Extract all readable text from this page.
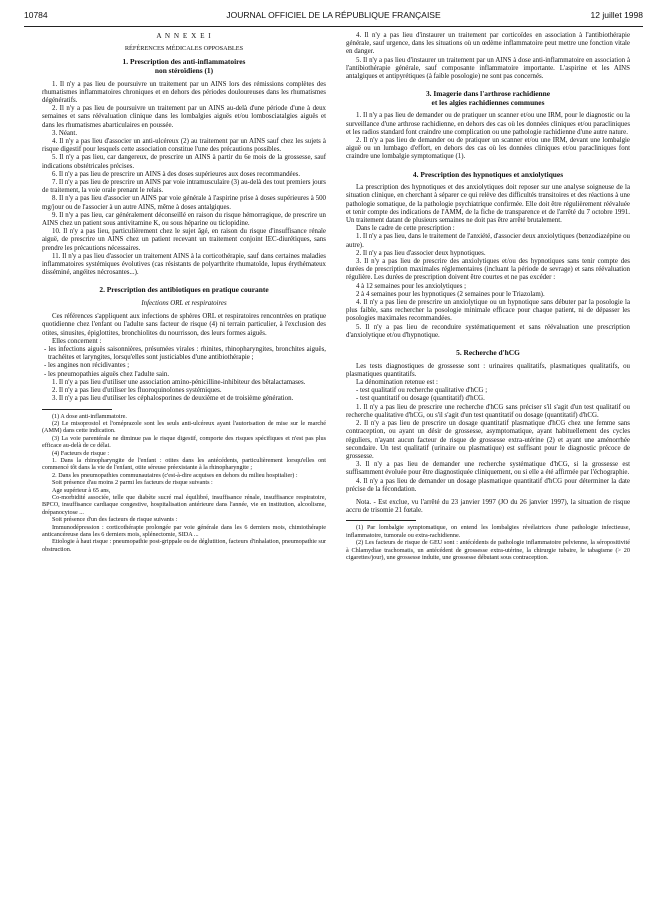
10784	JOURNAL OFFICIEL DE LA RÉPUBLIQUE FRANÇAISE	12 juillet 1998

A N N E X E I

RÉFÉRENCES MÉDICALES OPPOSABLES

1. Prescription des anti-inflammatoires

non stéroïdiens (1)

1. Il n'y a pas lieu de poursuivre un traitement par un AINS lors des rémissions complètes des rhumatismes inflammatoires chroniques et en dehors des périodes douloureuses dans les rhumatismes dégénératifs.

2. Il n'y a pas lieu de poursuivre un traitement par un AINS au-delà d'une période d'une à deux semaines et sans réévaluation clinique dans les lombalgies aiguës et/ou lombosciatalgies aiguës et dans les rhumatismes abarticulaires en poussée.

3. Néant.

4. Il n'y a pas lieu d'associer un anti-ulcéreux (2) au traitement par un AINS sauf chez les sujets à risque digestif pour lesquels cette association constitue l'une des précautions possibles.

5. Il n'y a pas lieu, car dangereux, de prescrire un AINS à partir du 6e mois de la grossesse, sauf indications obstétricales précises.

6. Il n'y a pas lieu de prescrire un AINS à des doses supérieures aux doses recommandées.

7. Il n'y a pas lieu de prescrire un AINS par voie intramusculaire (3) au-delà des tout premiers jours de traitement, la voie orale prenant le relais.

8. Il n'y a pas lieu d'associer un AINS par voie générale à l'aspirine prise à doses supérieures à 500 mg/jour ou de l'associer à un autre AINS, même à doses antalgiques.

9. Il n'y a pas lieu, car généralement déconseillé en raison du risque hémorragique, de prescrire un AINS chez un patient sous antivitamine K, ou sous héparine ou ticlopidine.

10. Il n'y a pas lieu, particulièrement chez le sujet âgé, en raison du risque d'insuffisance rénale aiguë, de prescrire un AINS chez un patient recevant un traitement conjoint IEC-diurétiques, sans prendre les précautions nécessaires.

11. Il n'y a pas lieu d'associer un traitement AINS à la corticothérapie, sauf dans certaines maladies inflammatoires systémiques évolutives (cas résistants de polyarthrite rhumatoïde, lupus érythémateux disséminé, angéites nécrosantes...).

2. Prescription des antibiotiques en pratique courante

Infections ORL et respiratoires

Ces références s'appliquent aux infections de sphères ORL et respiratoires rencontrées en pratique quotidienne chez l'enfant ou l'adulte sans facteur de risque (4) ni terrain particulier, à l'exclusion des otites, sinusites, épiglottites, bronchiolites du nourrisson, des leurs formes aiguës.

Elles concernent :

- les infections aiguës saisonnières, présumées virales : rhinites, rhinopharyngites, bronchites aiguës, trachéites et laryngites, lorsqu'elles sont justiciables d'une antibiothérapie ;

- les angines non récidivantes ;

- les pneumopathies aiguës chez l'adulte sain.

1. Il n'y a pas lieu d'utiliser une association amino-pénicilline-inhibiteur des bêtalactamases.

2. Il n'y a pas lieu d'utiliser les fluoroquinolones systémiques.

3. Il n'y a pas lieu d'utiliser les céphalosporines de deuxième et de troisième génération.

(1) A dose anti-inflammatoire.

(2) Le misoprostol et l'oméprazole sont les seuls anti-ulcéreux ayant l'autorisation de mise sur le marché (AMM) dans cette indication.

(3) La voie parentérale ne diminue pas le risque digestif, comporte des risques spécifiques et n'est pas plus efficace au-delà de ce délai.

(4) Facteurs de risque :

1. Dans la rhinopharyngite de l'enfant : otites dans les antécédents, particulièrement lorsqu'elles ont commencé tôt dans la vie de l'enfant, otite séreuse préexistante à la rhinopharyngite ;

2. Dans les pneumopathies communautaires (c'est-à-dire acquises en dehors du milieu hospitalier) :

Soit présence d'au moins 2 parmi les facteurs de risque suivants :

Age supérieur à 65 ans,

Co-morbidité associée, telle que diabète sucré mal équilibré, insuffisance rénale, insuffisance respiratoire, BPCO, insuffisance cardiaque congestive, hospitalisation antérieure dans l'année, vie en institution, alcoolisme, drépanocytose ...

Soit présence d'un des facteurs de risque suivants :

Immunodépression : corticothérapie prolongée par voie générale dans les 6 derniers mois, chimiothérapie anticancéreuse dans les 6 derniers mois, splénectomie, SIDA ...

Etiologie à haut risque : pneumopathie post-grippale ou de déglutition, facteurs d'inhalation, pneumopathie sur obstruction.

4. Il n'y a pas lieu d'instaurer un traitement par corticoïdes en association à l'antibiothérapie générale, sauf urgence, dans les situations où un œdème inflammatoire peut mettre une fonction vitale en danger.

5. Il n'y a pas lieu d'instaurer un traitement par un AINS à dose anti-inflammatoire en association à l'antibiothérapie générale, sauf composante inflammatoire importante. L'aspirine et les AINS antalgiques et antipyrétiques (à faible posologie) ne sont pas concernés.

3. Imagerie dans l'arthrose rachidienne

et les algies rachidiennes communes

1. Il n'y a pas lieu de demander ou de pratiquer un scanner et/ou une IRM, pour le diagnostic ou la surveillance d'une arthrose rachidienne, en dehors des cas où les données cliniques et/ou paracliniques et les radios standard font craindre une complication ou une pathologie rachidienne d'une autre nature.

2. Il n'y a pas lieu de demander ou de pratiquer un scanner et/ou une IRM, devant une lombalgie aiguë ou un lumbago d'effort, en dehors des cas où les données cliniques et/ou paracliniques font craindre une lombalgie symptomatique (1).

4. Prescription des hypnotiques et anxiolytiques

La prescription des hypnotiques et des anxiolytiques doit reposer sur une analyse soigneuse de la situation clinique, en cherchant à séparer ce qui relève des difficultés transitoires et des réactions à une pathologie somatique, de la pathologie psychiatrique confirmée. Elle doit être régulièrement réévaluée et tenir compte des indications de l'AMM, de la fiche de transparence et de l'arrêté du 7 octobre 1991. Un traitement datant de plusieurs semaines ne doit pas être arrêté brutalement.

Dans le cadre de cette prescription :

1. Il n'y a pas lieu, dans le traitement de l'anxiété, d'associer deux anxiolytiques (benzodiazépine ou autre).

2. Il n'y a pas lieu d'associer deux hypnotiques.

3. Il n'y a pas lieu de prescrire des anxiolytiques et/ou des hypnotiques sans tenir compte des durées de prescription maximales réglementaires (incluant la période de sevrage) et sans réévaluation régulière. Les durées de prescription doivent être courtes et ne pas excéder :

4 à 12 semaines pour les anxiolytiques ;

2 à 4 semaines pour les hypnotiques (2 semaines pour le Triazolam).

4. Il n'y a pas lieu de prescrire un anxiolytique ou un hypnotique sans débuter par la posologie la plus faible, sans rechercher la posologie minimale efficace pour chaque patient, ni de dépasser les posologies maximales recommandées.

5. Il n'y a pas lieu de reconduire systématiquement et sans réévaluation une prescription d'anxiolytique et/ou d'hypnotique.

5. Recherche d'hCG

Les tests diagnostiques de grossesse sont : urinaires qualitatifs, plasmatiques qualitatifs, ou plasmatiques quantitatifs.

La dénomination retenue est :

- test qualitatif ou recherche qualitative d'hCG ;

- test quantitatif ou dosage (quantitatif) d'hCG.

1. Il n'y a pas lieu de prescrire une recherche d'hCG sans préciser s'il s'agit d'un test qualitatif ou recherche qualitative d'hCG, ou s'il s'agit d'un test quantitatif ou dosage (quantitatif) d'hCG.

2. Il n'y a pas lieu de prescrire un dosage quantitatif plasmatique d'hCG chez une femme sans contraception, ou ayant un désir de grossesse, asymptomatique, ayant habituellement des cycles réguliers, n'ayant aucun facteur de risque de grossesse extra-utérine (2) et ayant une aménorrhée secondaire. Un test qualitatif (urinaire ou plasmatique) est suffisant pour le diagnostic précoce de grossesse.

3. Il n'y a pas lieu de demander une recherche systématique d'hCG, si la grossesse est suffisamment évoluée pour être diagnostiquée cliniquement, ou si elle a été affirmée par l'échographie.

4. Il n'y a pas lieu de demander un dosage plasmatique quantitatif d'hCG pour déterminer la date précise de la fécondation.

Nota. - Est exclue, vu l'arrêté du 23 janvier 1997 (JO du 26 janvier 1997), la situation de risque accru de trisomie 21 fœtale.

(1) Par lombalgie symptomatique, on entend les lombalgies révélatrices d'une pathologie infectieuse, inflammatoire, tumorale ou extra-rachidienne.

(2) Les facteurs de risque de GEU sont : antécédents de pathologie inflammatoire pelvienne, la séropositivité à Chlamydiae trachomatis, un antécédent de grossesse extra-utérine, la chirurgie tubaire, le tabagisme (> 20 cigarettes/jour), une grossesse induite, une grossesse débutant sous contraception.
